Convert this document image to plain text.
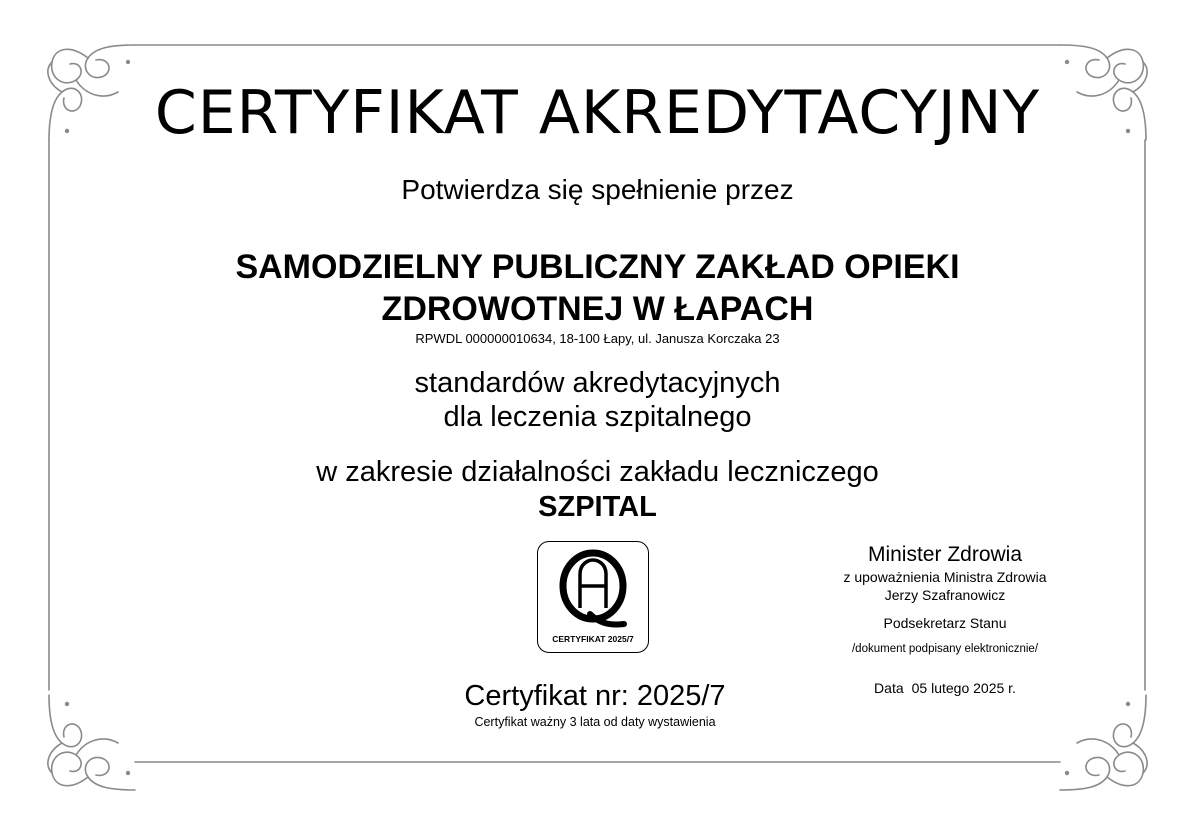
CERTYFIKAT AKREDYTACYJNY
Potwierdza się spełnienie przez
SAMODZIELNY PUBLICZNY ZAKŁAD OPIEKI
ZDROWOTNEJ W ŁAPACH
RPWDL 000000010634, 18-100 Łapy, ul. Janusza Korczaka 23
standardów akredytacyjnych
dla leczenia szpitalnego
w zakresie działalności zakładu leczniczego
SZPITAL
CERTYFIKAT 2025/7
Certyfikat nr: 2025/7
Certyfikat ważny 3 lata od daty wystawienia
Minister Zdrowia
z upoważnienia Ministra Zdrowia
Jerzy Szafranowicz
Podsekretarz Stanu
/dokument podpisany elektronicznie/
Data 05 lutego 2025 r.
